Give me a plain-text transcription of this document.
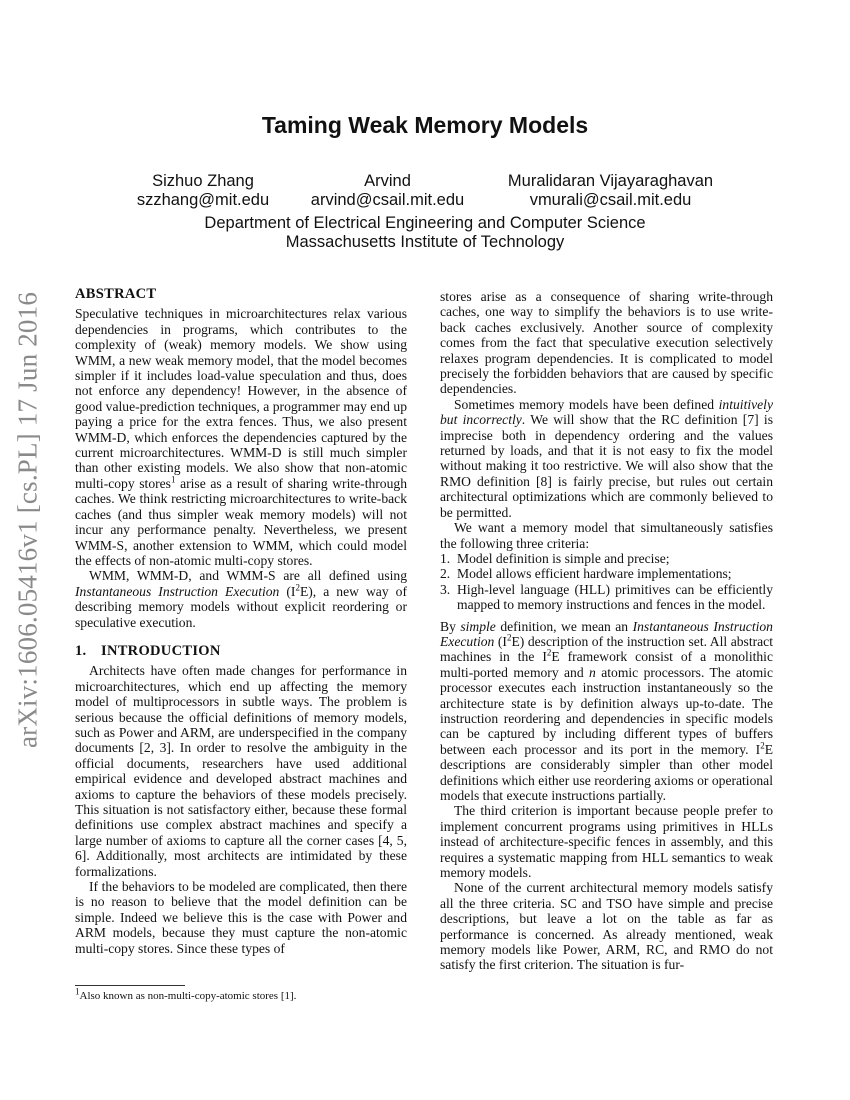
arXiv:1606.05416v1 [cs.PL] 17 Jun 2016
Taming Weak Memory Models
Sizhuo Zhang
szzhang@mit.edu
Arvind
arvind@csail.mit.edu
Muralidaran Vijayaraghavan
vmurali@csail.mit.edu
Department of Electrical Engineering and Computer Science
Massachusetts Institute of Technology
ABSTRACT

Speculative techniques in microarchitectures relax various dependencies in programs, which contributes to the complexity of (weak) memory models. We show using WMM, a new weak memory model, that the model becomes simpler if it includes load-value speculation and thus, does not enforce any dependency! However, in the absence of good value-prediction techniques, a programmer may end up paying a price for the extra fences. Thus, we also present WMM-D, which enforces the dependencies captured by the current microarchitectures. WMM-D is still much simpler than other existing models. We also show that non-atomic multi-copy stores$^1$ arise as a result of sharing write-through caches. We think restricting microarchitectures to write-back caches (and thus simpler weak memory models) will not incur any performance penalty. Nevertheless, we present WMM-S, another extension to WMM, which could model the effects of non-atomic multi-copy stores.

WMM, WMM-D, and WMM-S are all defined using Instantaneous Instruction Execution $(I^2E)$, a new way of describing memory models without explicit reordering or speculative execution.

1. INTRODUCTION

Architects have often made changes for performance in microarchitectures, which end up affecting the memory model of multiprocessors in subtle ways. The problem is serious because the official definitions of memory models, such as Power and ARM, are underspecified in the company documents [2, 3]. In order to resolve the ambiguity in the official documents, researchers have used additional empirical evidence and developed abstract machines and axioms to capture the behaviors of these models precisely. This situation is not satisfactory either, because these formal definitions use complex abstract machines and specify a large number of axioms to capture all the corner cases [4, 5, 6]. Additionally, most architects are intimidated by these formalizations.

If the behaviors to be modeled are complicated, then there is no reason to believe that the model definition can be simple. Indeed we believe this is the case with Power and ARM models, because they must capture the non-atomic multi-copy stores. Since these types of

stores arise as a consequence of sharing write-through caches, one way to simplify the behaviors is to use write-back caches exclusively. Another source of complexity comes from the fact that speculative execution selectively relaxes program dependencies. It is complicated to model precisely the forbidden behaviors that are caused by specific dependencies.

Sometimes memory models have been defined intuitively but incorrectly. We will show that the RC definition [7] is imprecise both in dependency ordering and the values returned by loads, and that it is not easy to fix the model without making it too restrictive. We will also show that the RMO definition [8] is fairly precise, but rules out certain architectural optimizations which are commonly believed to be permitted.

We want a memory model that simultaneously satisfies the following three criteria:

1. Model definition is simple and precise;
2. Model allows efficient hardware implementations;
3. High-level language (HLL) primitives can be efficiently mapped to memory instructions and fences in the model.

By simple definition, we mean an Instantaneous Instruction Execution $(I^2E)$ description of the instruction set. All abstract machines in the $I^2E$ framework consist of a monolithic multi-ported memory and n atomic processors. The atomic processor executes each instruction instantaneously so the architecture state is by definition always up-to-date. The instruction reordering and dependencies in specific models can be captured by including different types of buffers between each processor and its port in the memory. $I^2E$ descriptions are considerably simpler than other model definitions which either use reordering axioms or operational models that execute instructions partially.

The third criterion is important because people prefer to implement concurrent programs using primitives in HLLs instead of architecture-specific fences in assembly, and this requires a systematic mapping from HLL semantics to weak memory models.

None of the current architectural memory models satisfy all the three criteria. SC and TSO have simple and precise descriptions, but leave a lot on the table as far as performance is concerned. As already mentioned, weak memory models like Power, ARM, RC, and RMO do not satisfy the first criterion. The situation is fur-

$^1$Also known as non-multi-copy-atomic stores [1].
